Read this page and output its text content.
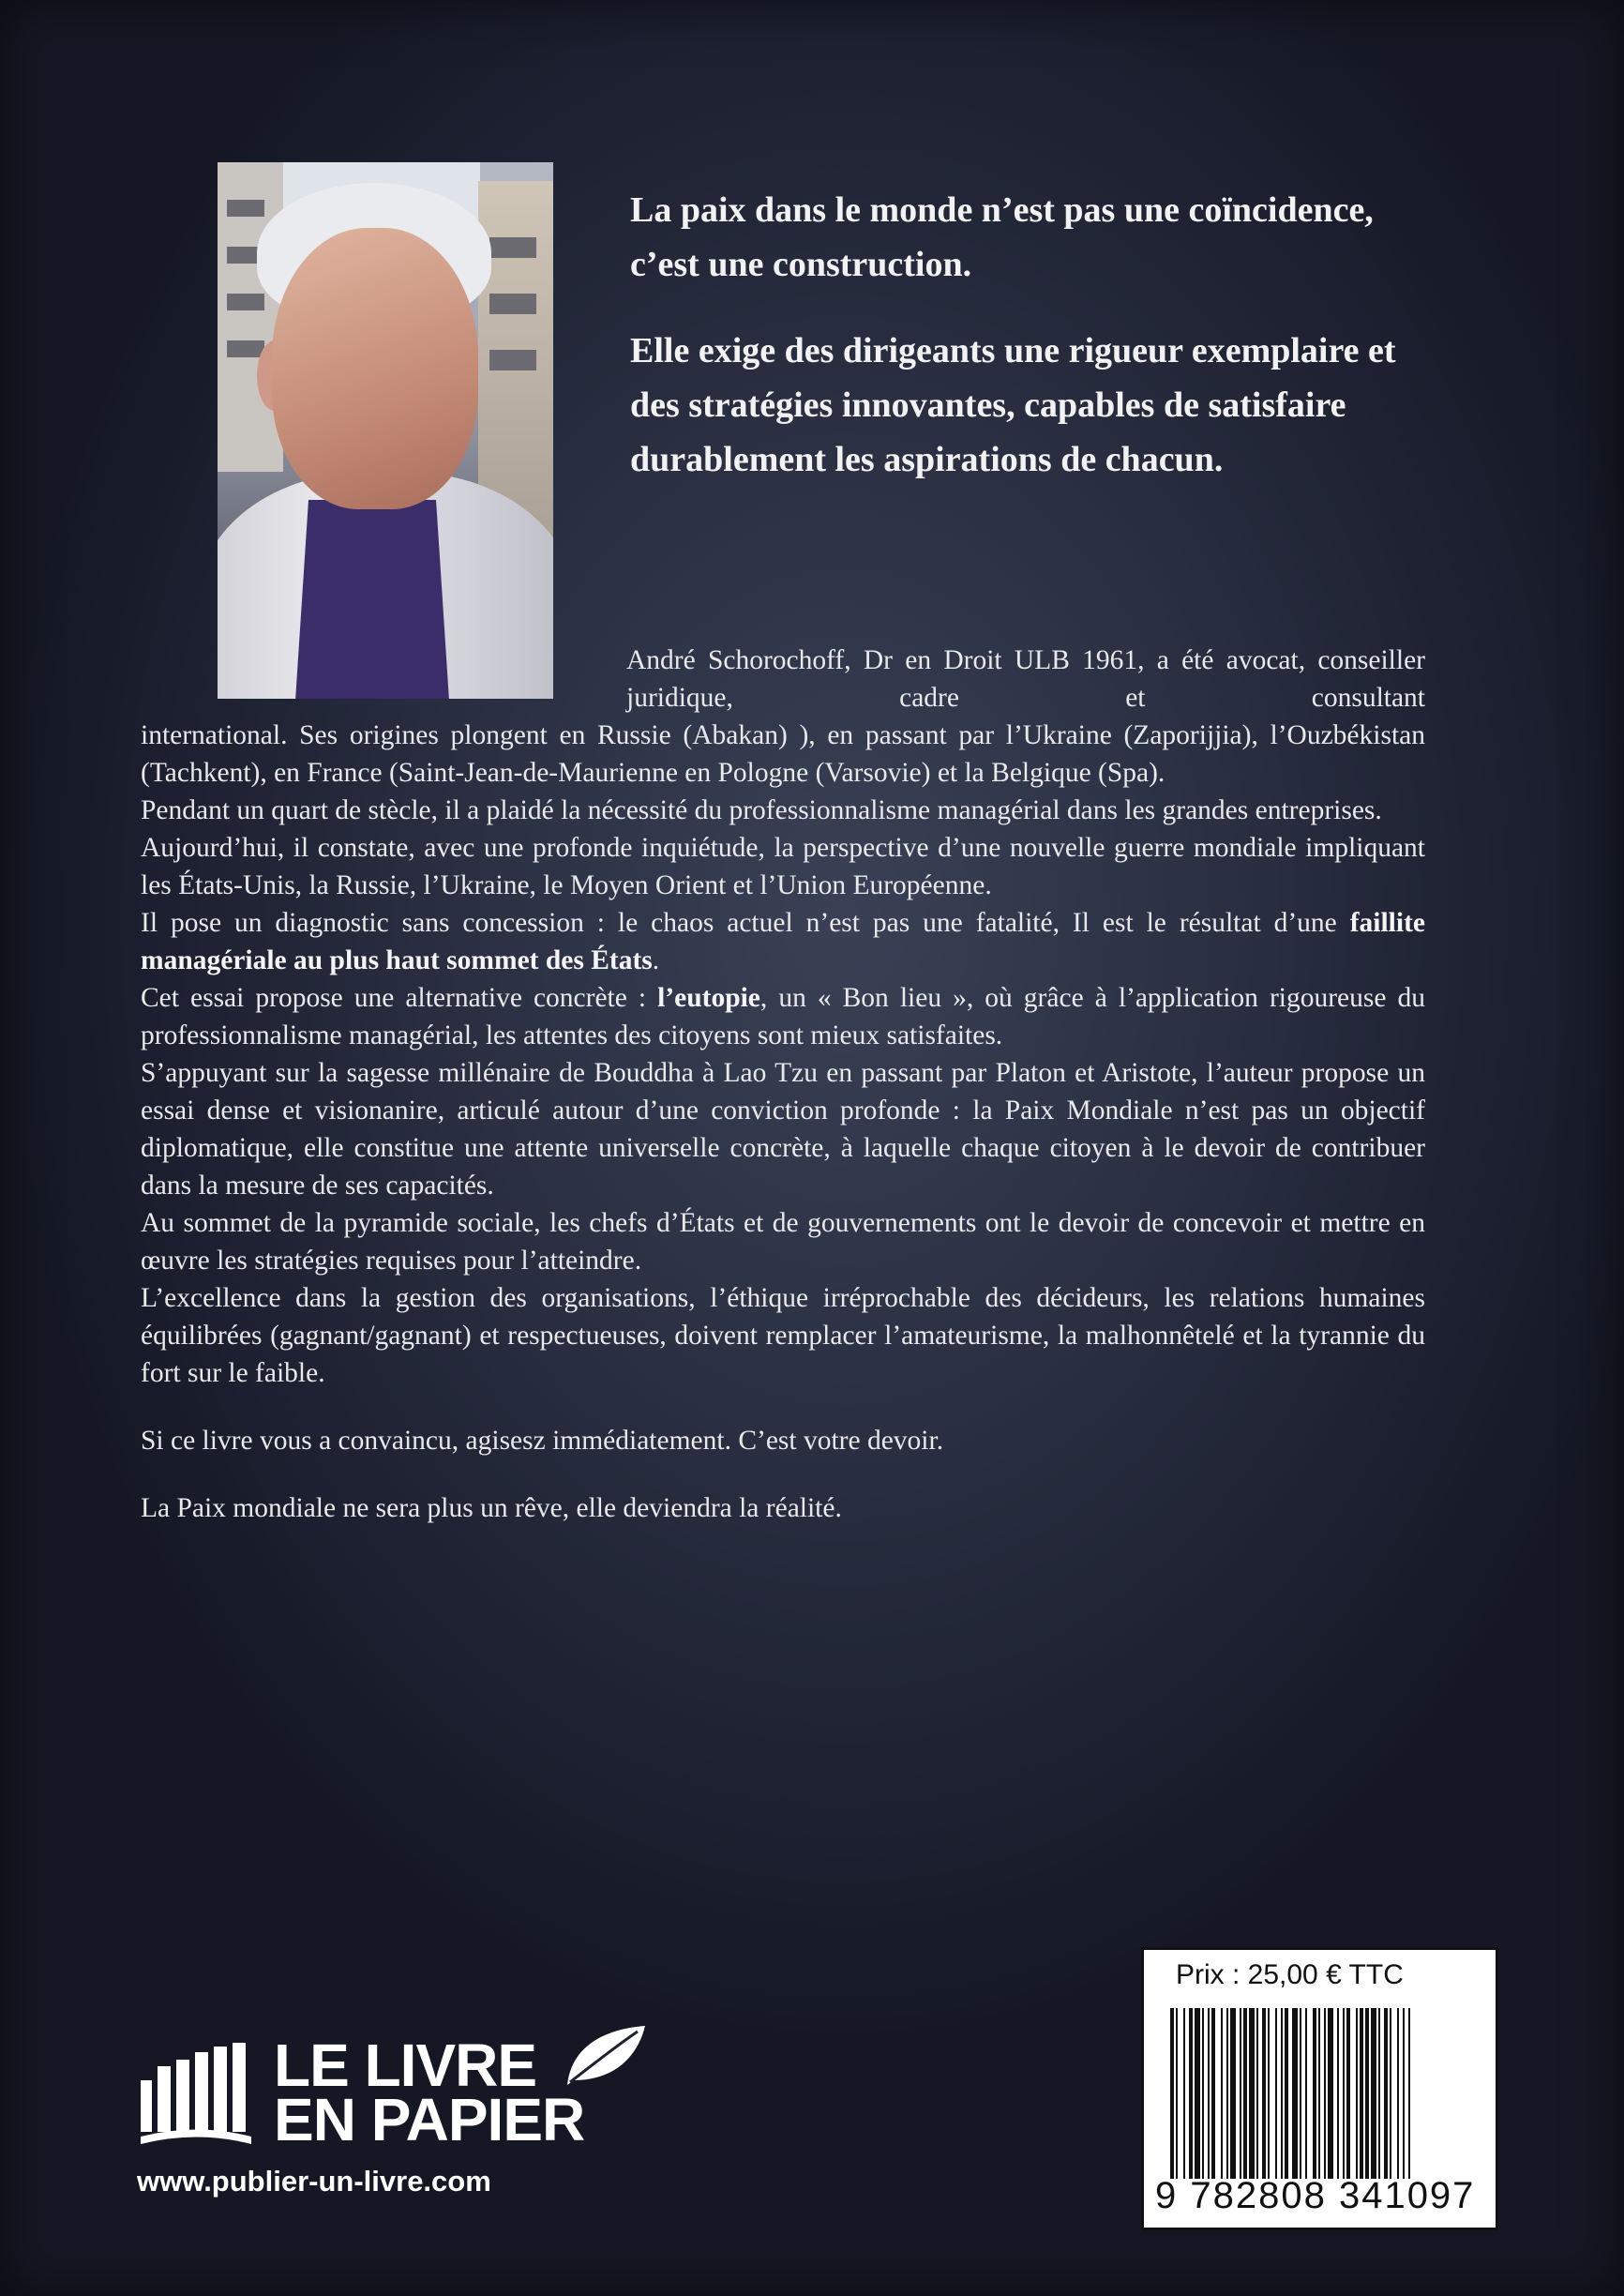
La paix dans le monde n’est pas une coïncidence, c’est une construction.
Elle exige des dirigeants une rigueur exemplaire et des stratégies innovantes, capables de satisfaire durablement les aspirations de chacun.

André Schorochoff, Dr en Droit ULB 1961, a été avocat, conseiller juridique, cadre et consultant

international. Ses origines plongent en Russie (Abakan) ), en passant par l’Ukraine (Zaporijjia), l’Ouzbékistan (Tachkent), en France (Saint-Jean-de-Maurienne en Pologne (Varsovie) et la Belgique (Spa).

Pendant un quart de stècle, il a plaidé la nécessité du professionnalisme managérial dans les grandes entreprises.

Aujourd’hui, il constate, avec une profonde inquiétude, la perspective d’une nouvelle guerre mondiale impliquant les États-Unis, la Russie, l’Ukraine, le Moyen Orient et l’Union Européenne.

Il pose un diagnostic sans concession : le chaos actuel n’est pas une fatalité, Il est le résultat d’une faillite managériale au plus haut sommet des États.

Cet essai propose une alternative concrète : l’eutopie, un « Bon lieu », où grâce à l’application rigoureuse du professionnalisme managérial, les attentes des citoyens sont mieux satisfaites.

S’appuyant sur la sagesse millénaire de Bouddha à Lao Tzu en passant par Platon et Aristote, l’auteur propose un essai dense et visionanire, articulé autour d’une conviction profonde : la Paix Mondiale n’est pas un objectif diplomatique, elle constitue une attente universelle concrète, à laquelle chaque citoyen à le devoir de contribuer dans la mesure de ses capacités.

Au sommet de la pyramide sociale, les chefs d’États et de gouvernements ont le devoir de concevoir et mettre en œuvre les stratégies requises pour l’atteindre.

L’excellence dans la gestion des organisations, l’éthique irréprochable des décideurs, les relations humaines équilibrées (gagnant/gagnant) et respectueuses, doivent remplacer l’amateurisme, la malhonnêtelé et la tyrannie du fort sur le faible.

Si ce livre vous a convaincu, agisesz immédiatement. C’est votre devoir.

La Paix mondiale ne sera plus un rêve, elle deviendra la réalité.

Prix : 25,00 € TTC
9 782808 341097
LE LIVRE
EN PAPIER
www.publier-un-livre.com
